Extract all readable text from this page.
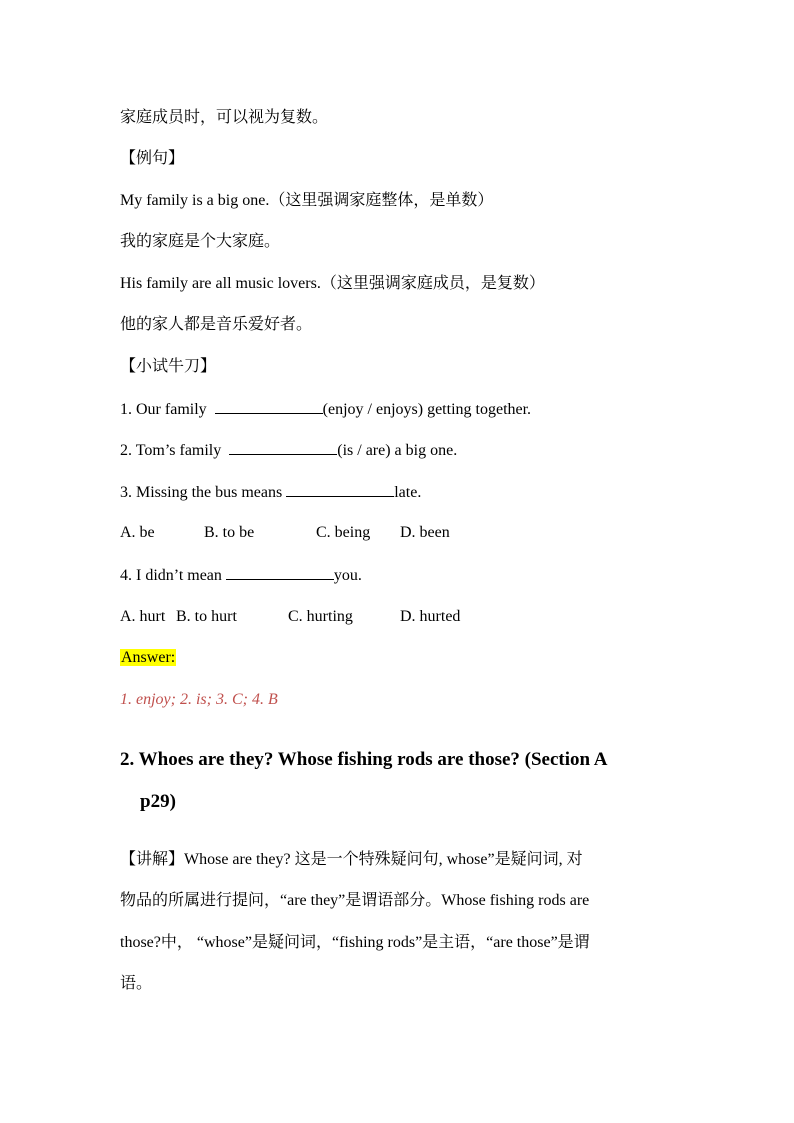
家庭成员时，可以视为复数。
【例句】
My family is a big one.（这里强调家庭整体，是单数）
我的家庭是个大家庭。
His family are all music lovers.（这里强调家庭成员，是复数）
他的家人都是音乐爱好者。
【小试牛刀】
1. Our family	(enjoy / enjoys) getting together.
2. Tom’s family	(is / are) a big one.
3. Missing the bus means	late.
A. be	B. to be	C. being D. been
4. I didn’t mean	you.
A. hurt B. to hurt	C. hurting	D. hurted
Answer:
1. enjoy; 2. is; 3. C; 4. B
2. Whoes are they? Whose fishing rods are those? (Section A
p29)
【讲解】Whose are they? 这是一个特殊疑问句, whose”是疑问词, 对
物品的所属进行提问，“are they”是谓语部分。Whose fishing rods are
those?中， “whose”是疑问词，“fishing rods”是主语，“are those”是谓
语。
